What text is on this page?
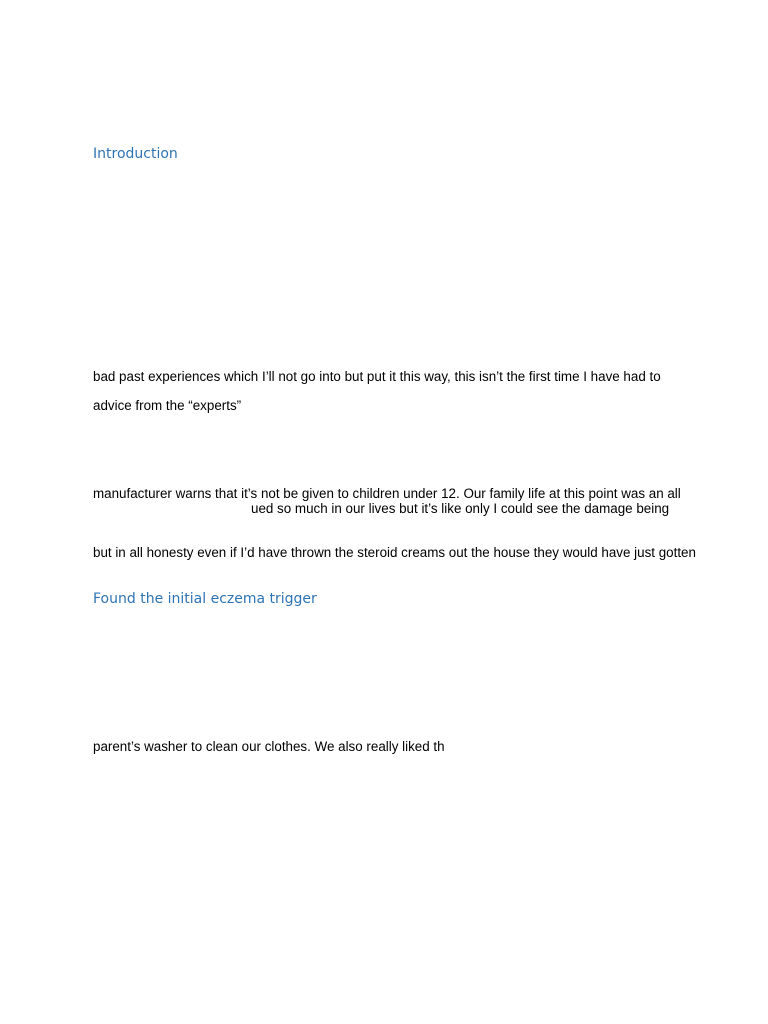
Introduction

bad past experiences which I’ll not go into but put it this way, this isn’t the first time I have had to

advice from the “experts”

manufacturer warns that it’s not be given to children under 12. Our family life at this point was an all

ued so much in our lives but it’s like only I could see the damage being

but in all honesty even if I’d have thrown the steroid creams out the house they would have just gotten

Found the initial eczema trigger

parent’s washer to clean our clothes. We also really liked th
